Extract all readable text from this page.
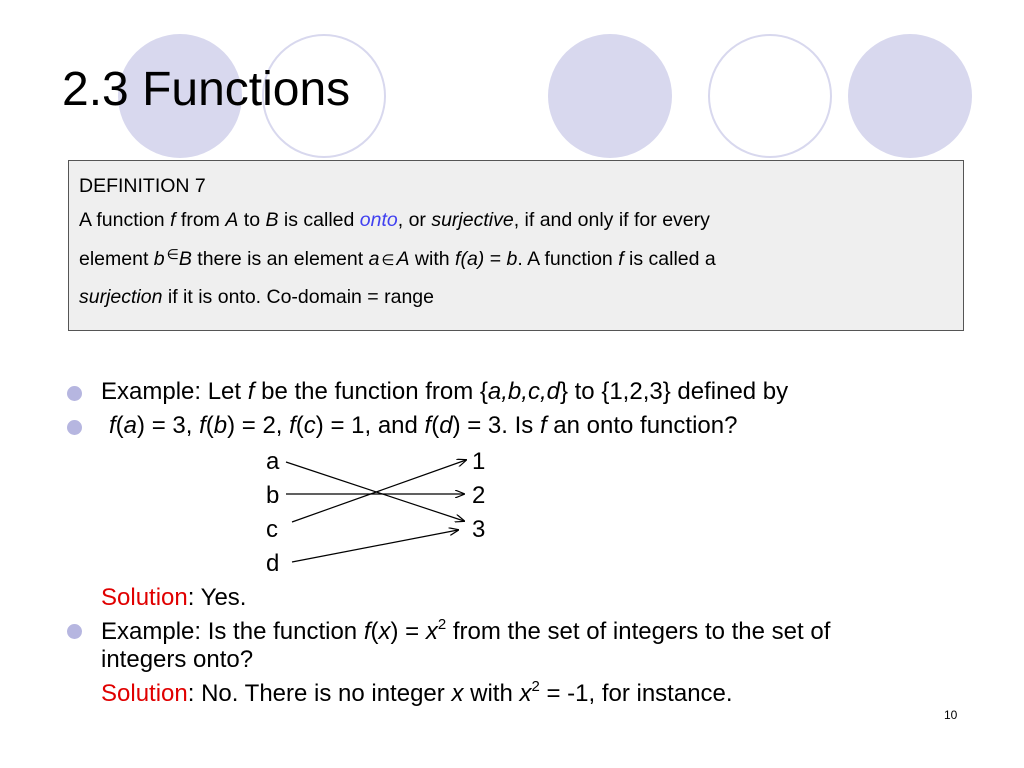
2.3 Functions
DEFINITION 7
A function f from A to B is called onto, or surjective, if and only if for every
element b ∈B there is an element a ∈ A with f(a) = b. A function f is called a
surjection if it is onto. Co-domain = range
Example: Let f be the function from {a,b,c,d} to {1,2,3} defined by
f(a) = 3, f(b) = 2, f(c) = 1, and f(d) = 3. Is f an onto function?
a
b
c
d
1
2
3
Solution: Yes.
Example: Is the function $f(x) = x^2$ from the set of integers to the set of
integers onto?
Solution: No. There is no integer x with $x^2 = -1$, for instance.
10
